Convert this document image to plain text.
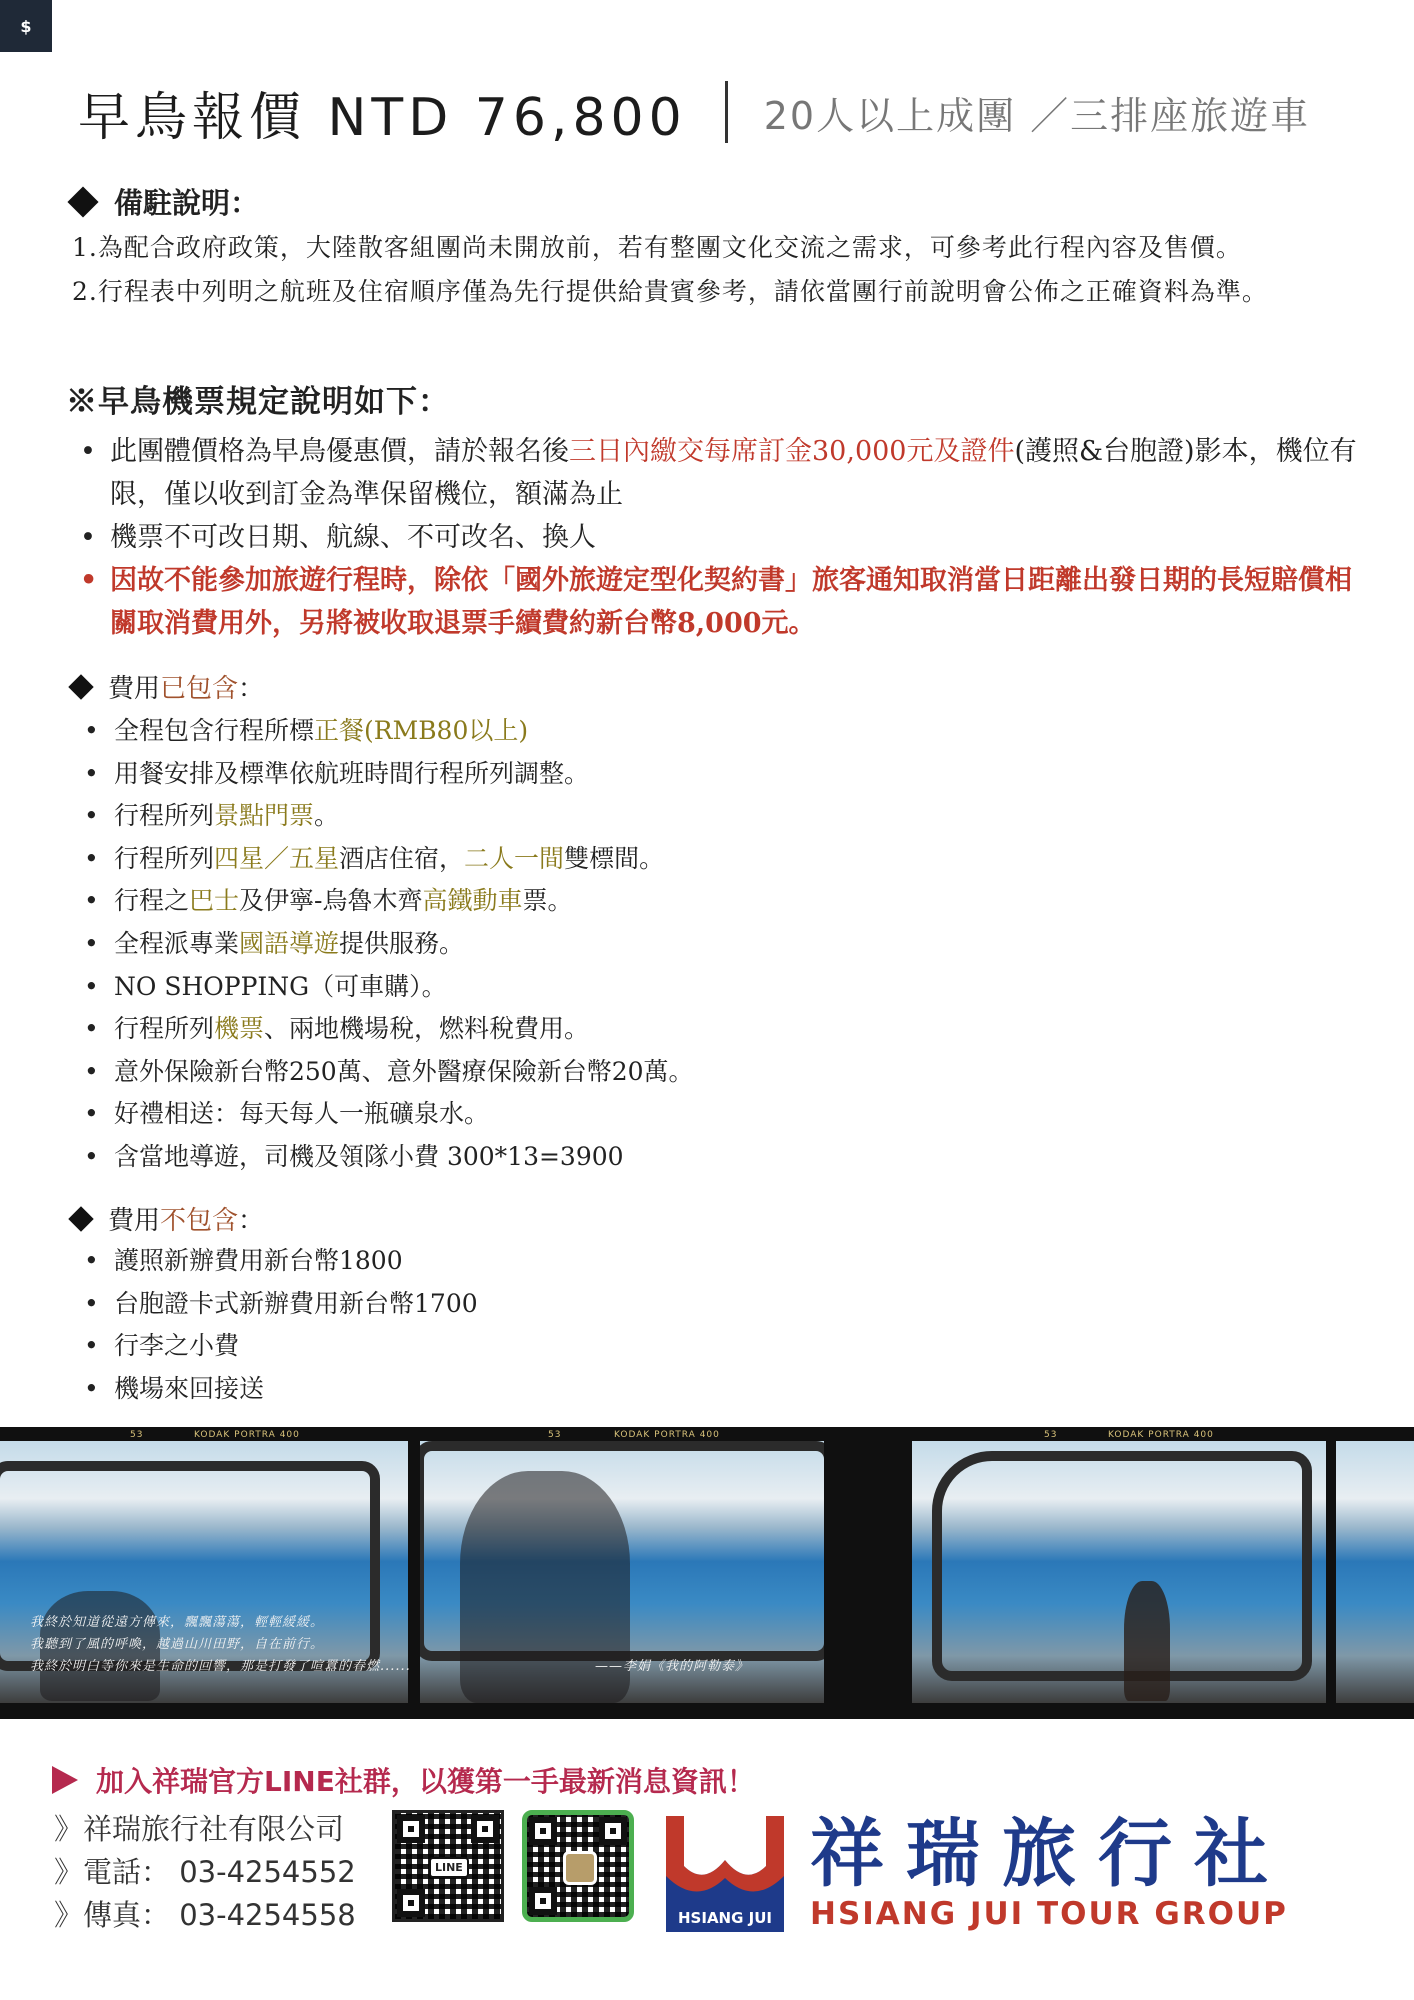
$
早鳥報價 NTD 76,800 20人以上成團 ／三排座旅遊車
備駐說明：
1.為配合政府政策，大陸散客組團尚未開放前，若有整團文化交流之需求，可參考此行程內容及售價。
2.行程表中列明之航班及住宿順序僅為先行提供給貴賓參考，請依當團行前說明會公佈之正確資料為準。
※早鳥機票規定說明如下：
• 此團體價格為早鳥優惠價，請於報名後三日內繳交每席訂金30,000元及證件(護照&台胞證)影本，機位有限，僅以收到訂金為準保留機位，額滿為止
• 機票不可改日期、航線、不可改名、換人
• 因故不能參加旅遊行程時，除依「國外旅遊定型化契約書」旅客通知取消當日距離出發日期的長短賠償相關取消費用外，另將被收取退票手續費約新台幣8,000元。
費用 已包含 ：
• 全程包含行程所標正餐(RMB80以上)
• 用餐安排及標準依航班時間行程所列調整。
• 行程所列景點門票。
• 行程所列四星／五星酒店住宿，二人一間雙標間。
• 行程之巴士及伊寧-烏魯木齊高鐵動車票。
• 全程派專業國語導遊提供服務。
• NO SHOPPING（可車購）。
• 行程所列機票、兩地機場稅，燃料稅費用。
• 意外保險新台幣250萬、意外醫療保險新台幣20萬。
• 好禮相送：每天每人一瓶礦泉水。
• 含當地導遊，司機及領隊小費 300*13=3900
費用 不包含 ：
• 護照新辦費用新台幣1800
• 台胞證卡式新辦費用新台幣1700
• 行李之小費
• 機場來回接送
KODAK PORTRA 400	KODAK PORTRA 400	KODAK PORTRA 400
53	53	53
我終於知道從遠方傳來，飄飄蕩蕩，輕輕緩緩。
我聽到了風的呼喚，越過山川田野，自在前行。
我終於明白等你來是生命的回響，那是打發了喧囂的春燃......	——李娟《我的阿勒泰》
加入祥瑞官方LINE社群，以獲第一手最新消息資訊！
》祥瑞旅行社有限公司
》電話： 03-4254552
》傳真： 03-4254558
LINE
HSIANG JUI
祥瑞旅行社
HSIANG JUI TOUR GROUP
